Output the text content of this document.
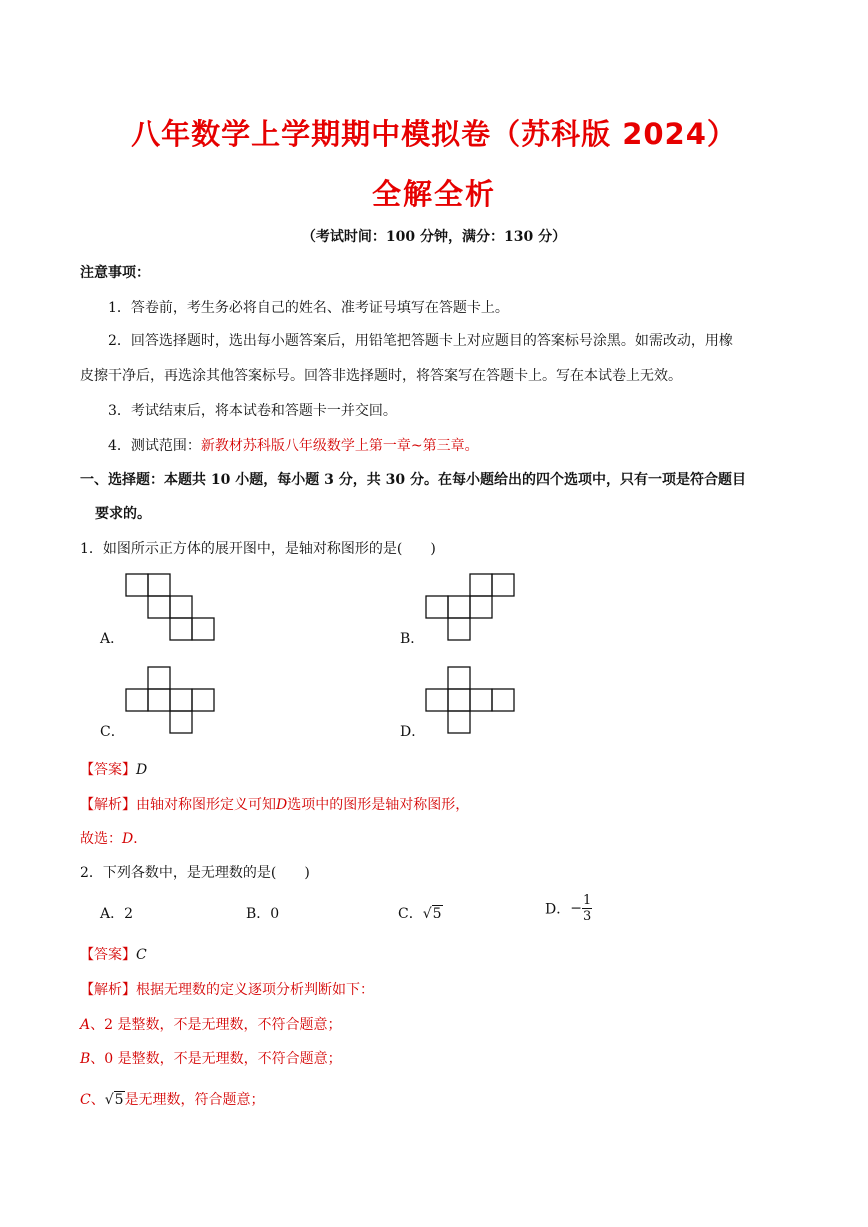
八年数学上学期期中模拟卷（苏科版 2024）
全解全析
（考试时间：100 分钟，满分：130 分）
注意事项：
1．答卷前，考生务必将自己的姓名、准考证号填写在答题卡上。
2．回答选择题时，选出每小题答案后，用铅笔把答题卡上对应题目的答案标号涂黑。如需改动，用橡
皮擦干净后，再选涂其他答案标号。回答非选择题时，将答案写在答题卡上。写在本试卷上无效。
3．考试结束后，将本试卷和答题卡一并交回。
4．测试范围：新教材苏科版八年级数学上第一章~第三章。
一、选择题：本题共 10 小题，每小题 3 分，共 30 分。在每小题给出的四个选项中，只有一项是符合题目
要求的。
1．如图所示正方体的展开图中，是轴对称图形的是(　　)
A．	B．
C．	D．
【答案】D
【解析】由轴对称图形定义可知D选项中的图形是轴对称图形，
故选：D．
2．下列各数中，是无理数的是(　　)
A．2	B．0	C．√5	D．− $\frac{1}{3}$
【答案】C
【解析】根据无理数的定义逐项分析判断如下：
A、2 是整数，不是无理数，不符合题意；
B、0 是整数，不是无理数，不符合题意；
C、√5是无理数，符合题意；
